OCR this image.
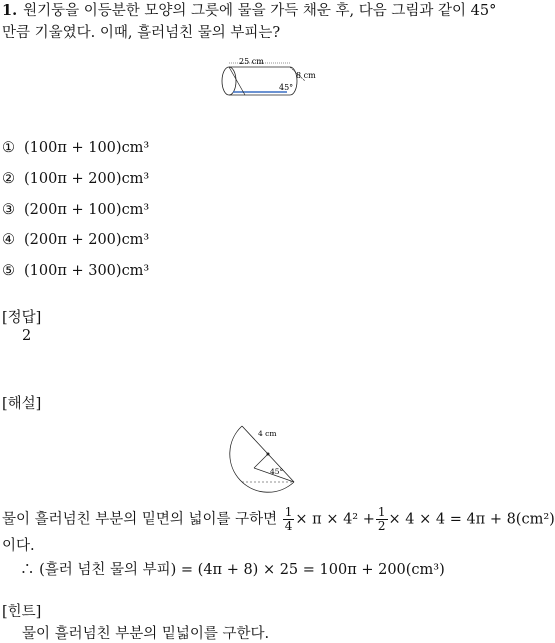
1. 원기둥을 이등분한 모양의 그릇에 물을 가득 채운 후, 다음 그림과 같이 45°
만큼 기울였다. 이때, 흘러넘친 물의 부피는?
25 cm
8 cm
45°
① (100π + 100)cm³
② (100π + 200)cm³
③ (200π + 100)cm³
④ (200π + 200)cm³
⑤ (100π + 300)cm³
[정답]
2
[해설]
4 cm
45°
물이 흘러넘친 부분의 밑면의 넓이를 구하면 $\frac{1}{4} \times \pi \times 4^2 + \frac{1}{2} \times 4 \times 4 = 4\pi + 8(cm^2)$
이다.
∴ (흘러 넘친 물의 부피) = (4π + 8) × 25 = 100π + 200(cm³)
[힌트]
물이 흘러넘친 부분의 밑넓이를 구한다.
